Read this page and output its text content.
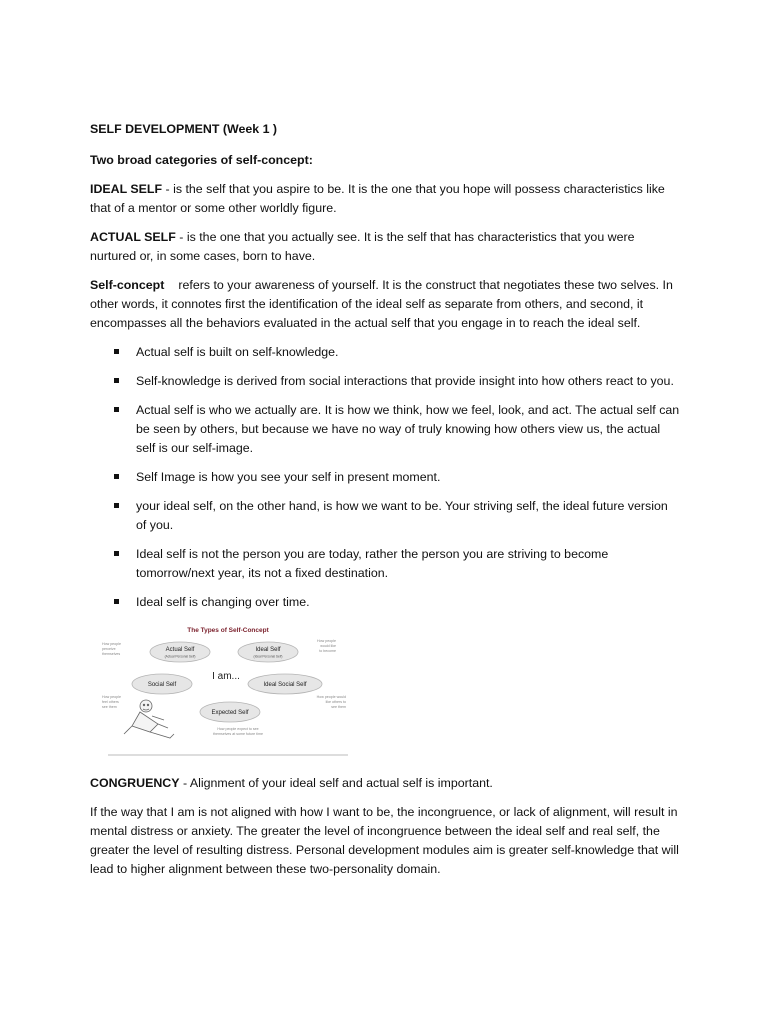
SELF DEVELOPMENT (Week 1 )

Two broad categories of self-concept:

IDEAL SELF - is the self that you aspire to be. It is the one that you hope will possess characteristics like that of a mentor or some other worldly figure.

ACTUAL SELF - is the one that you actually see. It is the self that has characteristics that you were nurtured or, in some cases, born to have.

Self-concept refers to your awareness of yourself. It is the construct that negotiates these two selves. In other words, it connotes first the identification of the ideal self as separate from others, and second, it encompasses all the behaviors evaluated in the actual self that you engage in to reach the ideal self.

Actual self is built on self-knowledge.
Self-knowledge is derived from social interactions that provide insight into how others react to you.
Actual self is who we actually are. It is how we think, how we feel, look, and act. The actual self can be seen by others, but because we have no way of truly knowing how others view us, the actual self is our self-image.
Self Image is how you see your self in present moment.
your ideal self, on the other hand, is how we want to be. Your striving self, the ideal future version of you.
Ideal self is not the person you are today, rather the person you are striving to become tomorrow/next year, its not a fixed destination.
Ideal self is changing over time.
The Types of Self-Concept
Actual Self
(Actual Personal Self)
Ideal Self
(Ideal Personal Self)
I am...
Social Self	Ideal Social Self
Expected Self
How people
perceive
themselves
How people
would like
to become
How people
feel others
see them
How people would
like others to
see them
How people expect to see
themselves at some future time

CONGRUENCY - Alignment of your ideal self and actual self is important.

If the way that I am is not aligned with how I want to be, the incongruence, or lack of alignment, will result in mental distress or anxiety. The greater the level of incongruence between the ideal self and real self, the greater the level of resulting distress. Personal development modules aim is greater self-knowledge that will lead to higher alignment between these two-personality domain.
